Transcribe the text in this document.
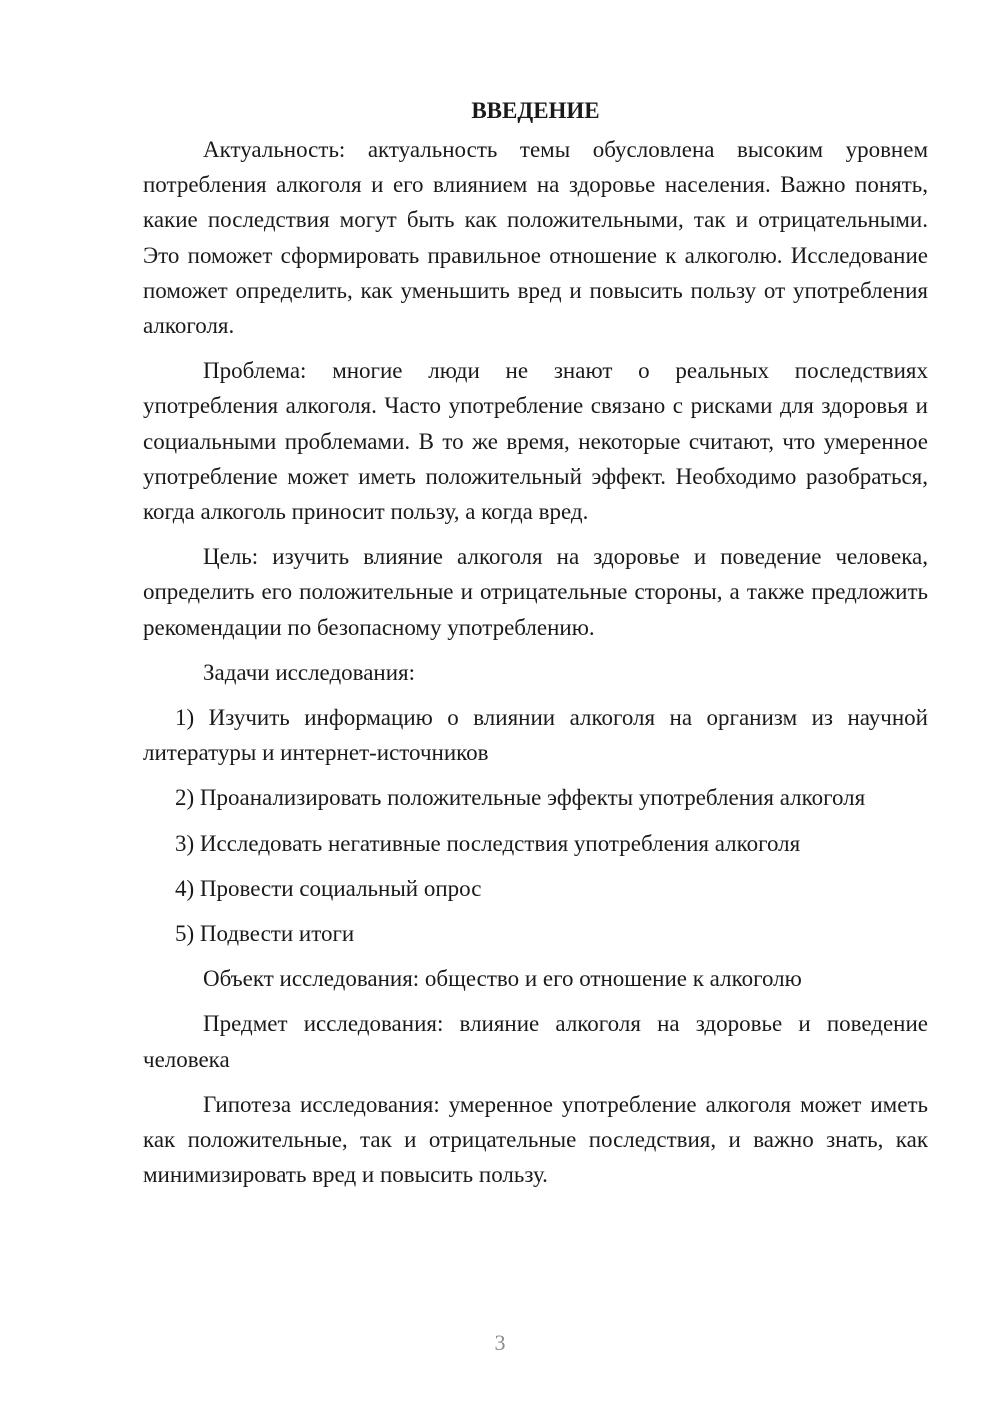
ВВЕДЕНИЕ

Актуальность: актуальность темы обусловлена высоким уровнем потребления алкоголя и его влиянием на здоровье населения. Важно понять, какие последствия могут быть как положительными, так и отрицательными. Это поможет сформировать правильное отношение к алкоголю. Исследование поможет определить, как уменьшить вред и повысить пользу от употребления алкоголя.

Проблема: многие люди не знают о реальных последствиях употребления алкоголя. Часто употребление связано с рисками для здоровья и социальными проблемами. В то же время, некоторые считают, что умеренное употребление может иметь положительный эффект. Необходимо разобраться, когда алкоголь приносит пользу, а когда вред.

Цель: изучить влияние алкоголя на здоровье и поведение человека, определить его положительные и отрицательные стороны, а также предложить рекомендации по безопасному употреблению.

Задачи исследования:

1) Изучить информацию о влиянии алкоголя на организм из научной литературы и интернет-источников

2) Проанализировать положительные эффекты употребления алкоголя

3) Исследовать негативные последствия употребления алкоголя

4) Провести социальный опрос

5) Подвести итоги

Объект исследования: общество и его отношение к алкоголю

Предмет исследования: влияние алкоголя на здоровье и поведение человека

Гипотеза исследования: умеренное употребление алкоголя может иметь как положительные, так и отрицательные последствия, и важно знать, как минимизировать вред и повысить пользу.

3
